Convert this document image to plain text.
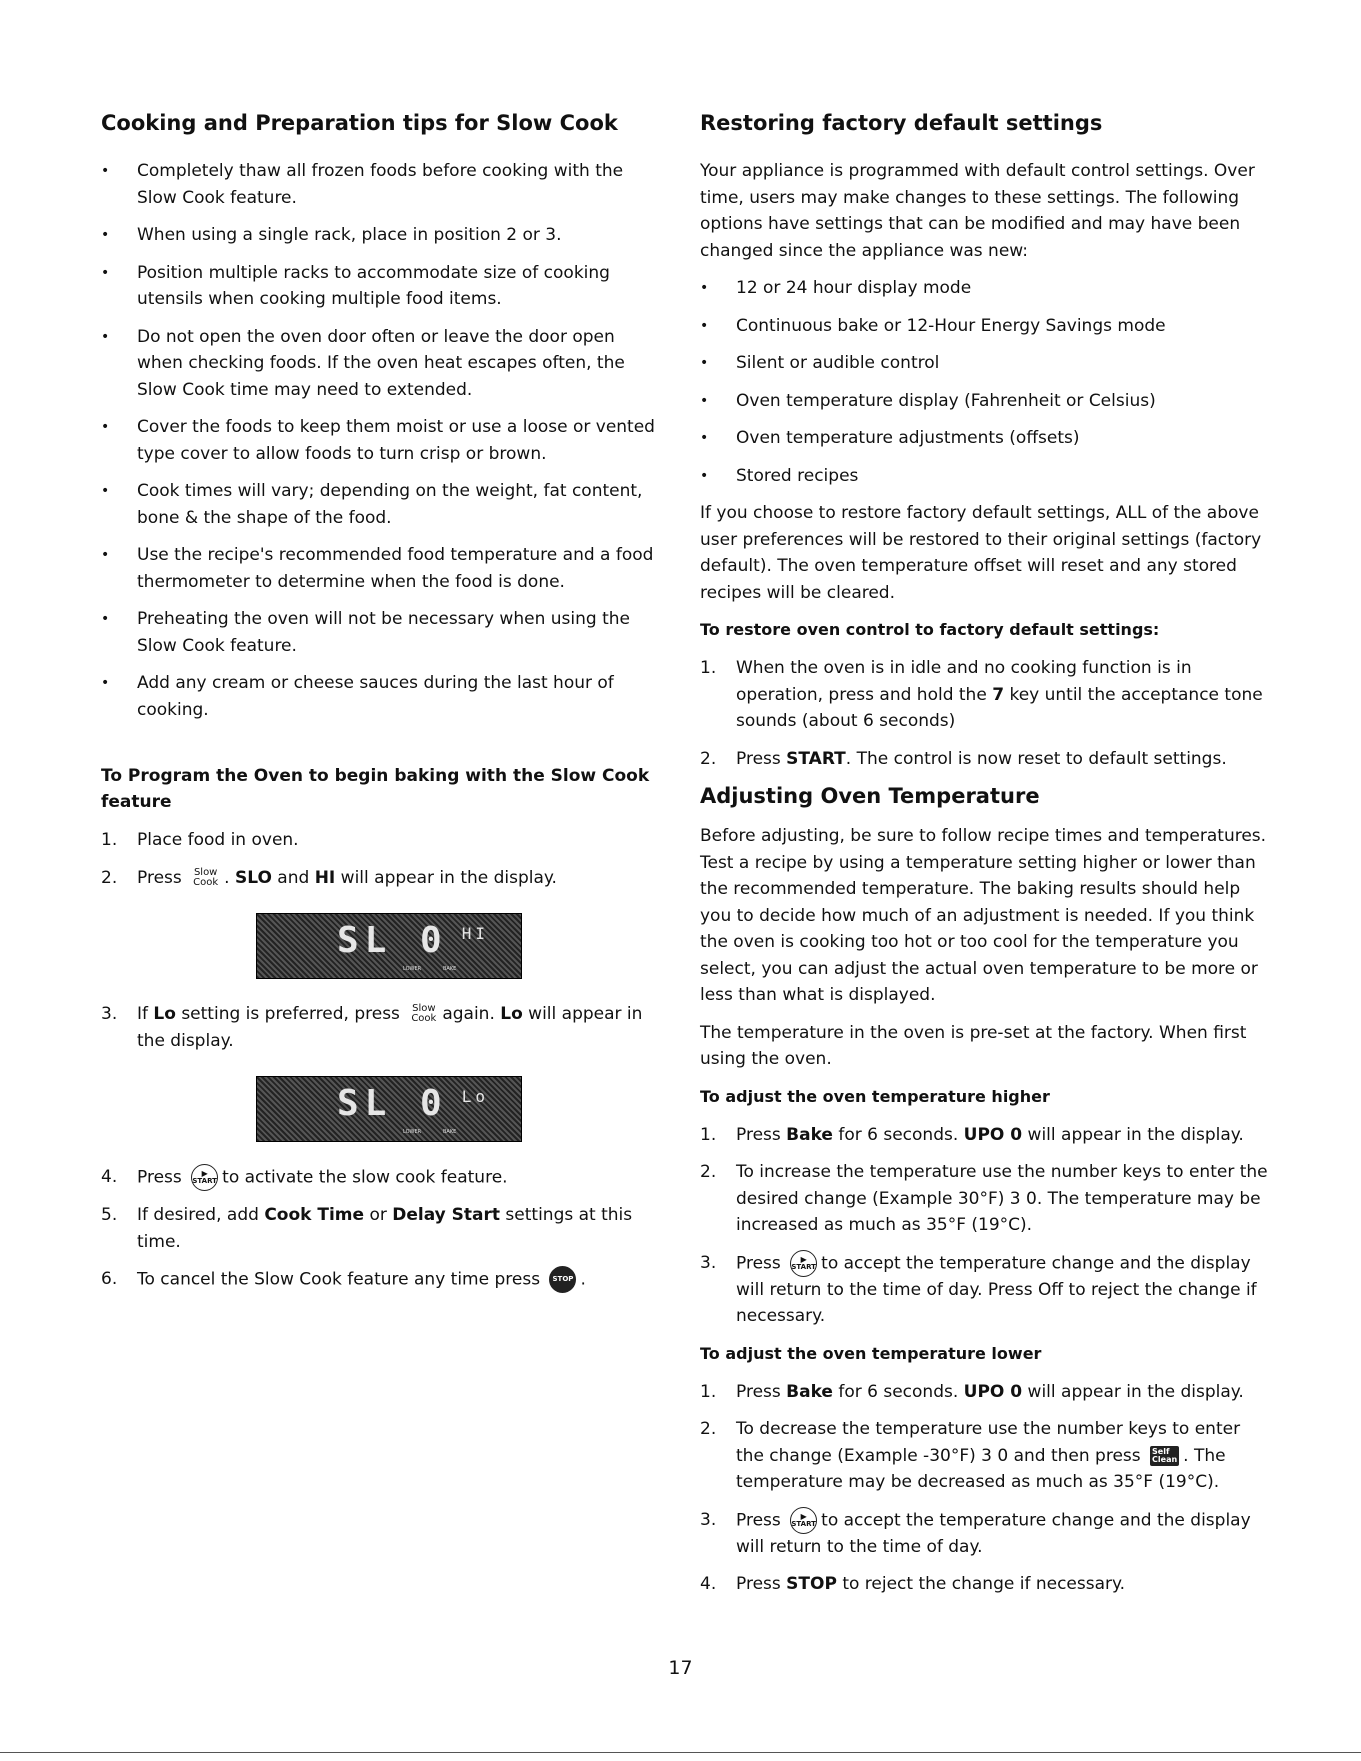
Cooking and Preparation tips for Slow Cook
• Completely thaw all frozen foods before cooking with the Slow Cook feature.
• When using a single rack, place in position 2 or 3.
• Position multiple racks to accommodate size of cooking utensils when cooking multiple food items.
• Do not open the oven door often or leave the door open when checking foods. If the oven heat escapes often, the Slow Cook time may need to extended.
• Cover the foods to keep them moist or use a loose or vented type cover to allow foods to turn crisp or brown.
• Cook times will vary; depending on the weight, fat content, bone & the shape of the food.
• Use the recipe's recommended food temperature and a food thermometer to determine when the food is done.
• Preheating the oven will not be necessary when using the Slow Cook feature.
• Add any cream or cheese sauces during the last hour of cooking.
To Program the Oven to begin baking with the Slow Cook feature
1. Place food in oven.
2. Press Slow
Cook . SLO and HI will appear in the display.
SL 0 HI
LOWER	BAKE
3. If Lo setting is preferred, press Slow
Cook again. Lo will appear in the display.
SL 0 Lo
LOWER	BAKE
4. Press ▶
START to activate the slow cook feature.
5. If desired, add Cook Time or Delay Start settings at this time.
6. To cancel the Slow Cook feature any time press STOP .
Restoring factory default settings

Your appliance is programmed with default control settings. Over time, users may make changes to these settings. The following options have settings that can be modified and may have been changed since the appliance was new:

• 12 or 24 hour display mode
• Continuous bake or 12-Hour Energy Savings mode
• Silent or audible control
• Oven temperature display (Fahrenheit or Celsius)
• Oven temperature adjustments (offsets)
• Stored recipes

If you choose to restore factory default settings, ALL of the above user preferences will be restored to their original settings (factory default). The oven temperature offset will reset and any stored recipes will be cleared.

To restore oven control to factory default settings:
1. When the oven is in idle and no cooking function is in operation, press and hold the 7 key until the acceptance tone sounds (about 6 seconds)
2. Press START. The control is now reset to default settings.
Adjusting Oven Temperature

Before adjusting, be sure to follow recipe times and temperatures. Test a recipe by using a temperature setting higher or lower than the recommended temperature. The baking results should help you to decide how much of an adjustment is needed. If you think the oven is cooking too hot or too cool for the temperature you select, you can adjust the actual oven temperature to be more or less than what is displayed.

The temperature in the oven is pre-set at the factory. When first using the oven.

To adjust the oven temperature higher
1. Press Bake for 6 seconds. UPO 0 will appear in the display.
2. To increase the temperature use the number keys to enter the desired change (Example 30°F) 3 0. The temperature may be increased as much as 35°F (19°C).
3. Press ▶
START to accept the temperature change and the display will return to the time of day. Press Off to reject the change if necessary.
To adjust the oven temperature lower
1. Press Bake for 6 seconds. UPO 0 will appear in the display.
2. To decrease the temperature use the number keys to enter the change (Example -30°F) 3 0 and then press Self
Clean . The temperature may be decreased as much as 35°F (19°C).
3. Press ▶
START to accept the temperature change and the display will return to the time of day.
4. Press STOP to reject the change if necessary.
17
